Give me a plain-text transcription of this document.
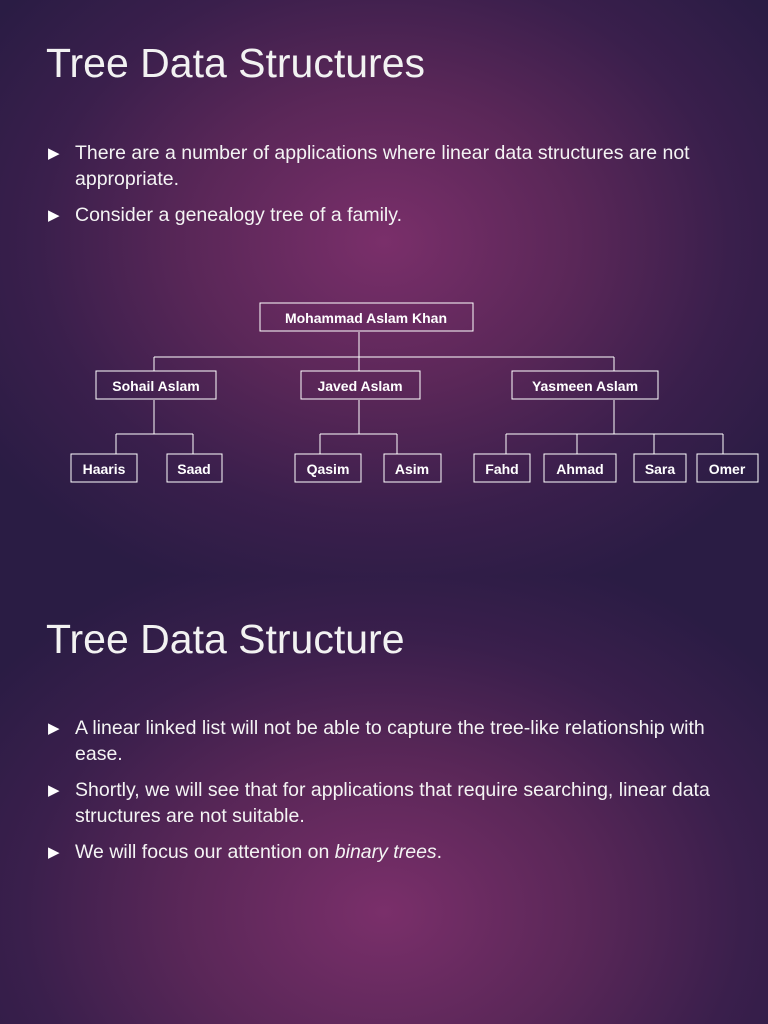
Tree Data Structures
▶ There are a number of applications where linear data structures are not appropriate.
▶ Consider a genealogy tree of a family.
Mohammad Aslam Khan
Sohail Aslam	Javed Aslam	Yasmeen Aslam
Haaris	Saad	Qasim	Asim	Fahd	Ahmad	Sara Omer
Tree Data Structure
▶ A linear linked list will not be able to capture the tree-like relationship with ease.
▶ Shortly, we will see that for applications that require searching, linear data structures are not suitable.
▶ We will focus our attention on binary trees.
